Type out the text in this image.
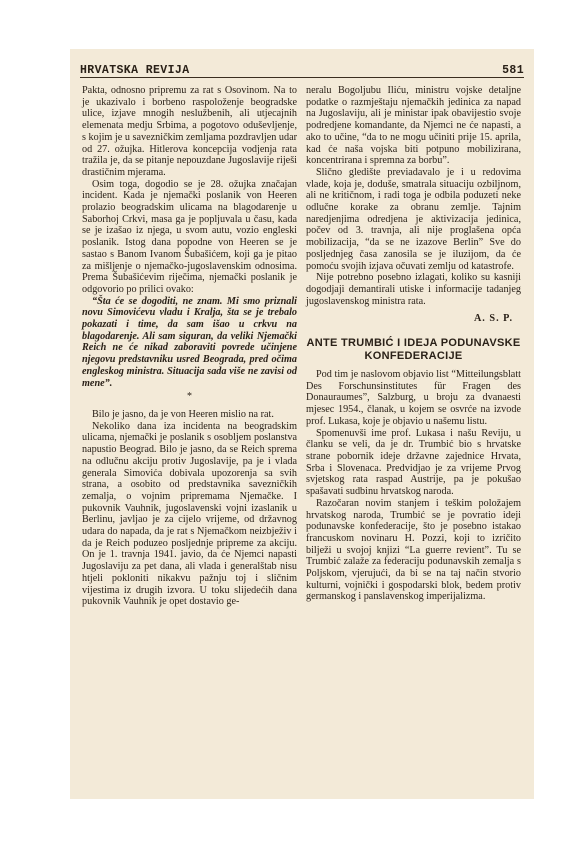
HRVATSKA REVIJA	581

Pakta, odnosno pripremu za rat s Osovinom. Na to je ukazivalo i borbeno raspoloženje beogradske ulice, izjave mnogih neslužbenih, ali utjecajnih elemenata medju Srbima, a pogotovo oduševljenje, s kojim je u savezničkim zemljama pozdravljen udar od 27. ožujka. Hitlerova koncepcija vodjenja rata tražila je, da se pitanje nepouzdane Jugoslavije riješi drastičnim mjerama.

Osim toga, dogodio se je 28. ožujka značajan incident. Kada je njemački poslanik von Heeren prolazio beogradskim ulicama na blagodarenje u Saborhoj Crkvi, masa ga je popljuvala u času, kada se je izašao iz njega, u svom autu, vozio engleski poslanik. Istog dana popodne von Heeren se je sastao s Banom Ivanom Šubašićem, koji ga je pitao za mišljenje o njemačko-jugoslavenskim odnosima. Prema Šubašićevim riječima, njemački poslanik je odgovorio po prilici ovako:

“Šta će se dogoditi, ne znam. Mi smo priznali novu Simovićevu vladu i Kralja, šta se je trebalo pokazati i time, da sam išao u crkvu na blagodarenje. Ali sam siguran, da veliki Njemački Reich ne će nikad zaboraviti povrede učinjene njegovu predstavniku usred Beograda, pred očima engleskog ministra. Situacija sada više ne zavisi od mene”.

*

Bilo je jasno, da je von Heeren mislio na rat.

Nekoliko dana iza incidenta na beogradskim ulicama, njemački je poslanik s osobljem poslanstva napustio Beograd. Bilo je jasno, da se Reich sprema na odlučnu akciju protiv Jugoslavije, pa je i vlada generala Simovića dobivala upozorenja sa svih strana, a osobito od predstavnika savezničkih zemalja, o vojnim pripremama Njemačke. I pukovnik Vauhnik, jugoslavenski vojni izaslanik u Berlinu, javljao je za cijelo vrijeme, od državnog udara do napada, da je rat s Njemačkom neizbježiv i da je Reich poduzeo posljednje pripreme za akciju. On je 1. travnja 1941. javio, da će Njemci napasti Jugoslaviju za pet dana, ali vlada i generalštab nisu htjeli pokloniti nikakvu pažnju toj i sličnim vijestima iz drugih izvora. U toku slijedećih dana pukovnik Vauhnik je opet dostavio ge-

neralu Bogoljubu Iliću, ministru vojske detaljne podatke o razmještaju njemačkih jedinica za napad na Jugoslaviju, ali je ministar ipak obavijestio svoje podredjene komandante, da Njemci ne će napasti, a ako to učine, “da to ne mogu učiniti prije 15. aprila, kad će naša vojska biti potpuno mobilizirana, koncentrirana i spremna za borbu”.

Slično gledište previadavalo je i u redovima vlade, koja je, doduše, smatrala situaciju ozbiljnom, ali ne kritičnom, i radi toga je odbila poduzeti neke odlučne korake za obranu zemlje. Tajnim naredjenjima odredjena je aktivizacija jedinica, počev od 3. travnja, ali nije proglašena opća mobilizacija, “da se ne izazove Berlin” Sve do posljednjeg časa zanosila se je iluzijom, da će pomoću svojih izjava očuvati zemlju od katastrofe.

Nije potrebno posebno izlagati, koliko su kasniji dogodjaji demantirali utiske i informacije tadanjeg jugoslavenskog ministra rata.

A. S. P.
ANTE TRUMBIĆ I IDEJA PODUNAVSKE KONFEDERACIJE

Pod tim je naslovom objavio list “Mitteilungsblatt Des Forschunsinstitutes für Fragen des Donauraumes”, Salzburg, u broju za dvanaesti mjesec 1954., članak, u kojem se osvrće na izvode prof. Lukasa, koje je objavio u našemu listu.

Spomenuvši ime prof. Lukasa i našu Reviju, u članku se veli, da je dr. Trumbić bio s hrvatske strane pobornik ideje državne zajednice Hrvata, Srba i Slovenaca. Predvidjao je za vrijeme Prvog svjetskog rata raspad Austrije, pa je pokušao spašavati sudbinu hrvatskog naroda.

Razočaran novim stanjem i teškim položajem hrvatskog naroda, Trumbić se je povratio ideji podunavske konfederacije, što je posebno istakao francuskom novinaru H. Pozzi, koji to izričito bilježi u svojoj knjizi “La guerre revient”. Tu se Trumbić zalaže za federaciju podunavskih zemalja s Poljskom, vjerujući, da bi se na taj način stvorio kulturni, vojnički i gospodarski blok, bedem protiv germanskog i panslavenskog imperijalizma.
